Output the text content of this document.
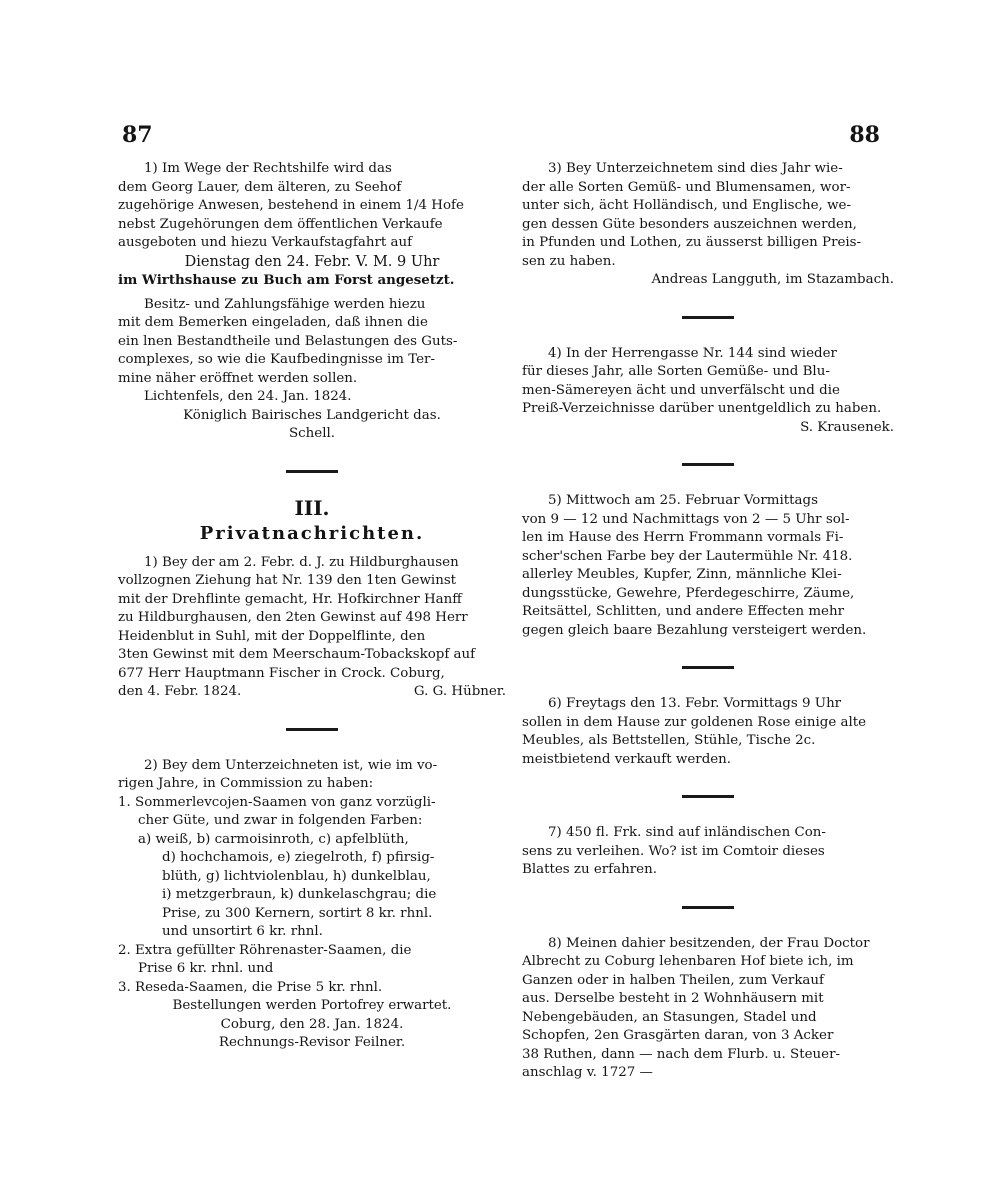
87	88

1) Im Wege der Rechtshilfe wird das

dem Georg Lauer, dem älteren, zu Seehof

zugehörige Anwesen, bestehend in einem 1/4 Hofe

nebst Zugehörungen dem öffentlichen Verkaufe

ausgeboten und hiezu Verkaufstagfahrt auf

Dienstag den 24. Febr. V. M. 9 Uhr

im Wirthshause zu Buch am Forst angesetzt.

Besitz- und Zahlungsfähige werden hiezu

mit dem Bemerken eingeladen, daß ihnen die

ein lnen Bestandtheile und Belastungen des Guts-

complexes, so wie die Kaufbedingnisse im Ter-

mine näher eröffnet werden sollen.

Lichtenfels, den 24. Jan. 1824.

Königlich Bairisches Landgericht das.

Schell.

III.
Privatnachrichten.

1) Bey der am 2. Febr. d. J. zu Hildburghausen

vollzognen Ziehung hat Nr. 139 den 1ten Gewinst

mit der Drehflinte gemacht, Hr. Hofkirchner Hanff

zu Hildburghausen, den 2ten Gewinst auf 498 Herr

Heidenblut in Suhl, mit der Doppelflinte, den

3ten Gewinst mit dem Meerschaum-Tobackskopf auf

677 Herr Hauptmann Fischer in Crock. Coburg,

den 4. Febr. 1824.	G. G. Hübner.

2) Bey dem Unterzeichneten ist, wie im vo-

rigen Jahre, in Commission zu haben:

1. Sommerlevcojen-Saamen von ganz vorzügli-

cher Güte, und zwar in folgenden Farben:

a) weiß, b) carmoisinroth, c) apfelblüth,

d) hochchamois, e) ziegelroth, f) pfirsig-

blüth, g) lichtviolenblau, h) dunkelblau,

i) metzgerbraun, k) dunkelaschgrau; die

Prise, zu 300 Kernern, sortirt 8 kr. rhnl.

und unsortirt 6 kr. rhnl.

2. Extra gefüllter Röhrenaster-Saamen, die

Prise 6 kr. rhnl. und

3. Reseda-Saamen, die Prise 5 kr. rhnl.

Bestellungen werden Portofrey erwartet.

Coburg, den 28. Jan. 1824.

Rechnungs-Revisor Feilner.

3) Bey Unterzeichnetem sind dies Jahr wie-

der alle Sorten Gemüß- und Blumensamen, wor-

unter sich, ächt Holländisch, und Englische, we-

gen dessen Güte besonders auszeichnen werden,

in Pfunden und Lothen, zu äusserst billigen Preis-

sen zu haben.

Andreas Langguth, im Stazambach.

4) In der Herrengasse Nr. 144 sind wieder

für dieses Jahr, alle Sorten Gemüße- und Blu-

men-Sämereyen ächt und unverfälscht und die

Preiß-Verzeichnisse darüber unentgeldlich zu haben.

S. Krausenek.

5) Mittwoch am 25. Februar Vormittags

von 9 — 12 und Nachmittags von 2 — 5 Uhr sol-

len im Hause des Herrn Frommann vormals Fi-

scher'schen Farbe bey der Lautermühle Nr. 418.

allerley Meubles, Kupfer, Zinn, männliche Klei-

dungsstücke, Gewehre, Pferdegeschirre, Zäume,

Reitsättel, Schlitten, und andere Effecten mehr

gegen gleich baare Bezahlung versteigert werden.

6) Freytags den 13. Febr. Vormittags 9 Uhr

sollen in dem Hause zur goldenen Rose einige alte

Meubles, als Bettstellen, Stühle, Tische 2c.

meistbietend verkauft werden.

7) 450 fl. Frk. sind auf inländischen Con-

sens zu verleihen. Wo? ist im Comtoir dieses

Blattes zu erfahren.

8) Meinen dahier besitzenden, der Frau Doctor

Albrecht zu Coburg lehenbaren Hof biete ich, im

Ganzen oder in halben Theilen, zum Verkauf

aus. Derselbe besteht in 2 Wohnhäusern mit

Nebengebäuden, an Stasungen, Stadel und

Schopfen, 2en Grasgärten daran, von 3 Acker

38 Ruthen, dann — nach dem Flurb. u. Steuer-

anschlag v. 1727 —
